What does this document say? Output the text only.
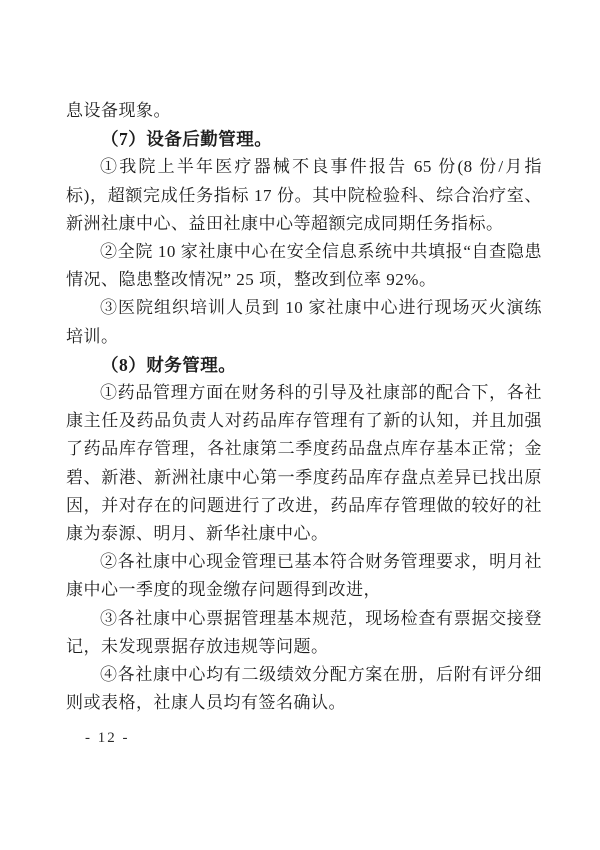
息设备现象。

（7）设备后勤管理。

①我院上半年医疗器械不良事件报告 65 份(8 份/月指标)，超额完成任务指标 17 份。其中院检验科、综合治疗室、新洲社康中心、益田社康中心等超额完成同期任务指标。

②全院 10 家社康中心在安全信息系统中共填报“自查隐患情况、隐患整改情况” 25 项，整改到位率 92%。

③医院组织培训人员到 10 家社康中心进行现场灭火演练培训。

（8）财务管理。

①药品管理方面在财务科的引导及社康部的配合下，各社康主任及药品负责人对药品库存管理有了新的认知，并且加强了药品库存管理，各社康第二季度药品盘点库存基本正常；金碧、新港、新洲社康中心第一季度药品库存盘点差异已找出原因，并对存在的问题进行了改进，药品库存管理做的较好的社康为泰源、明月、新华社康中心。

②各社康中心现金管理已基本符合财务管理要求，明月社康中心一季度的现金缴存问题得到改进，

③各社康中心票据管理基本规范，现场检查有票据交接登记，未发现票据存放违规等问题。

④各社康中心均有二级绩效分配方案在册，后附有评分细则或表格，社康人员均有签名确认。

- 12 -
